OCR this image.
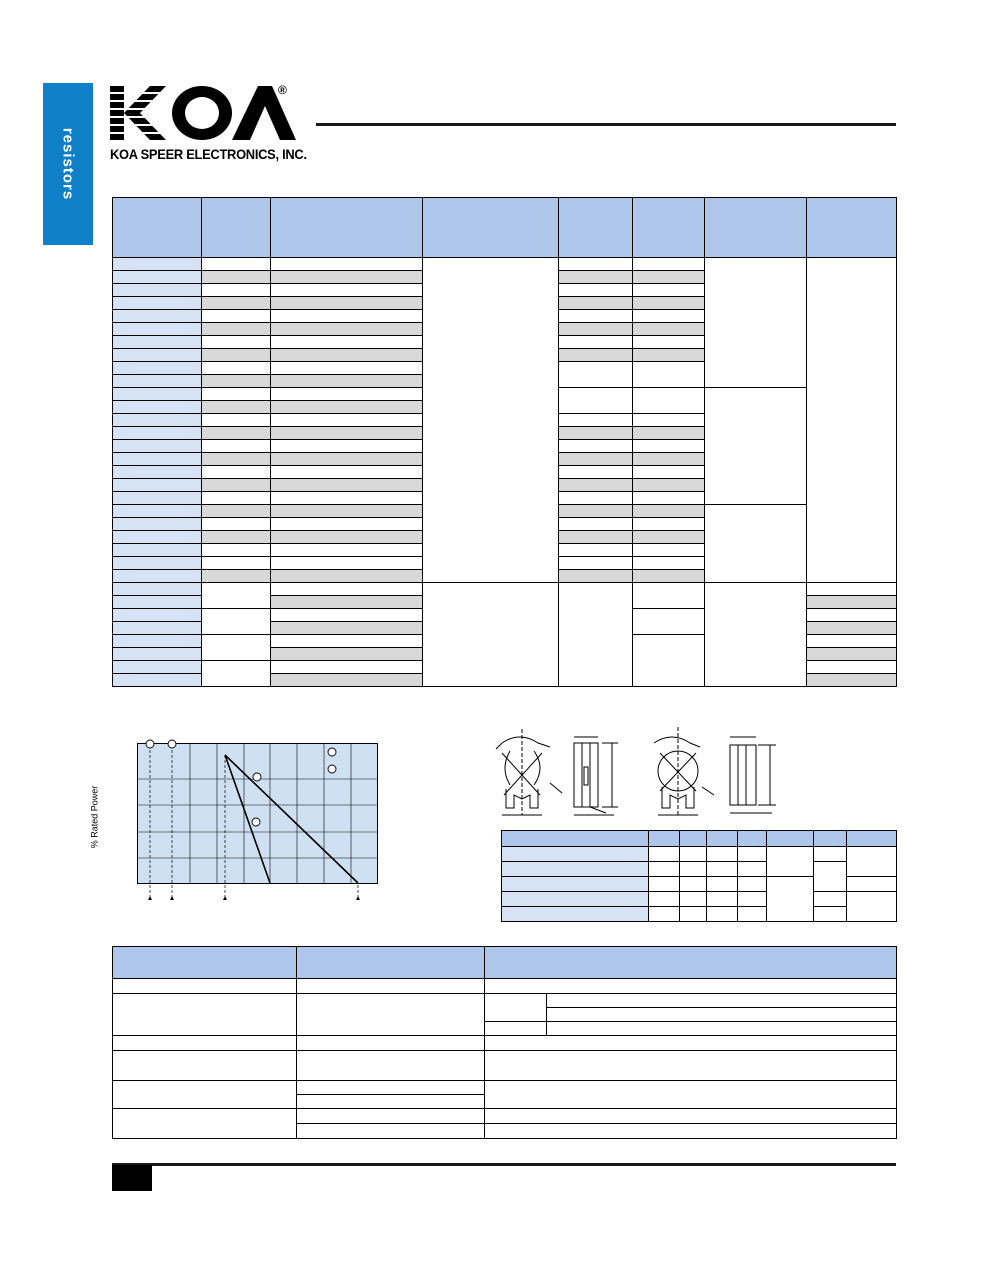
resistors
®
KOA SPEER ELECTRONICS, INC.

% Rated Power
